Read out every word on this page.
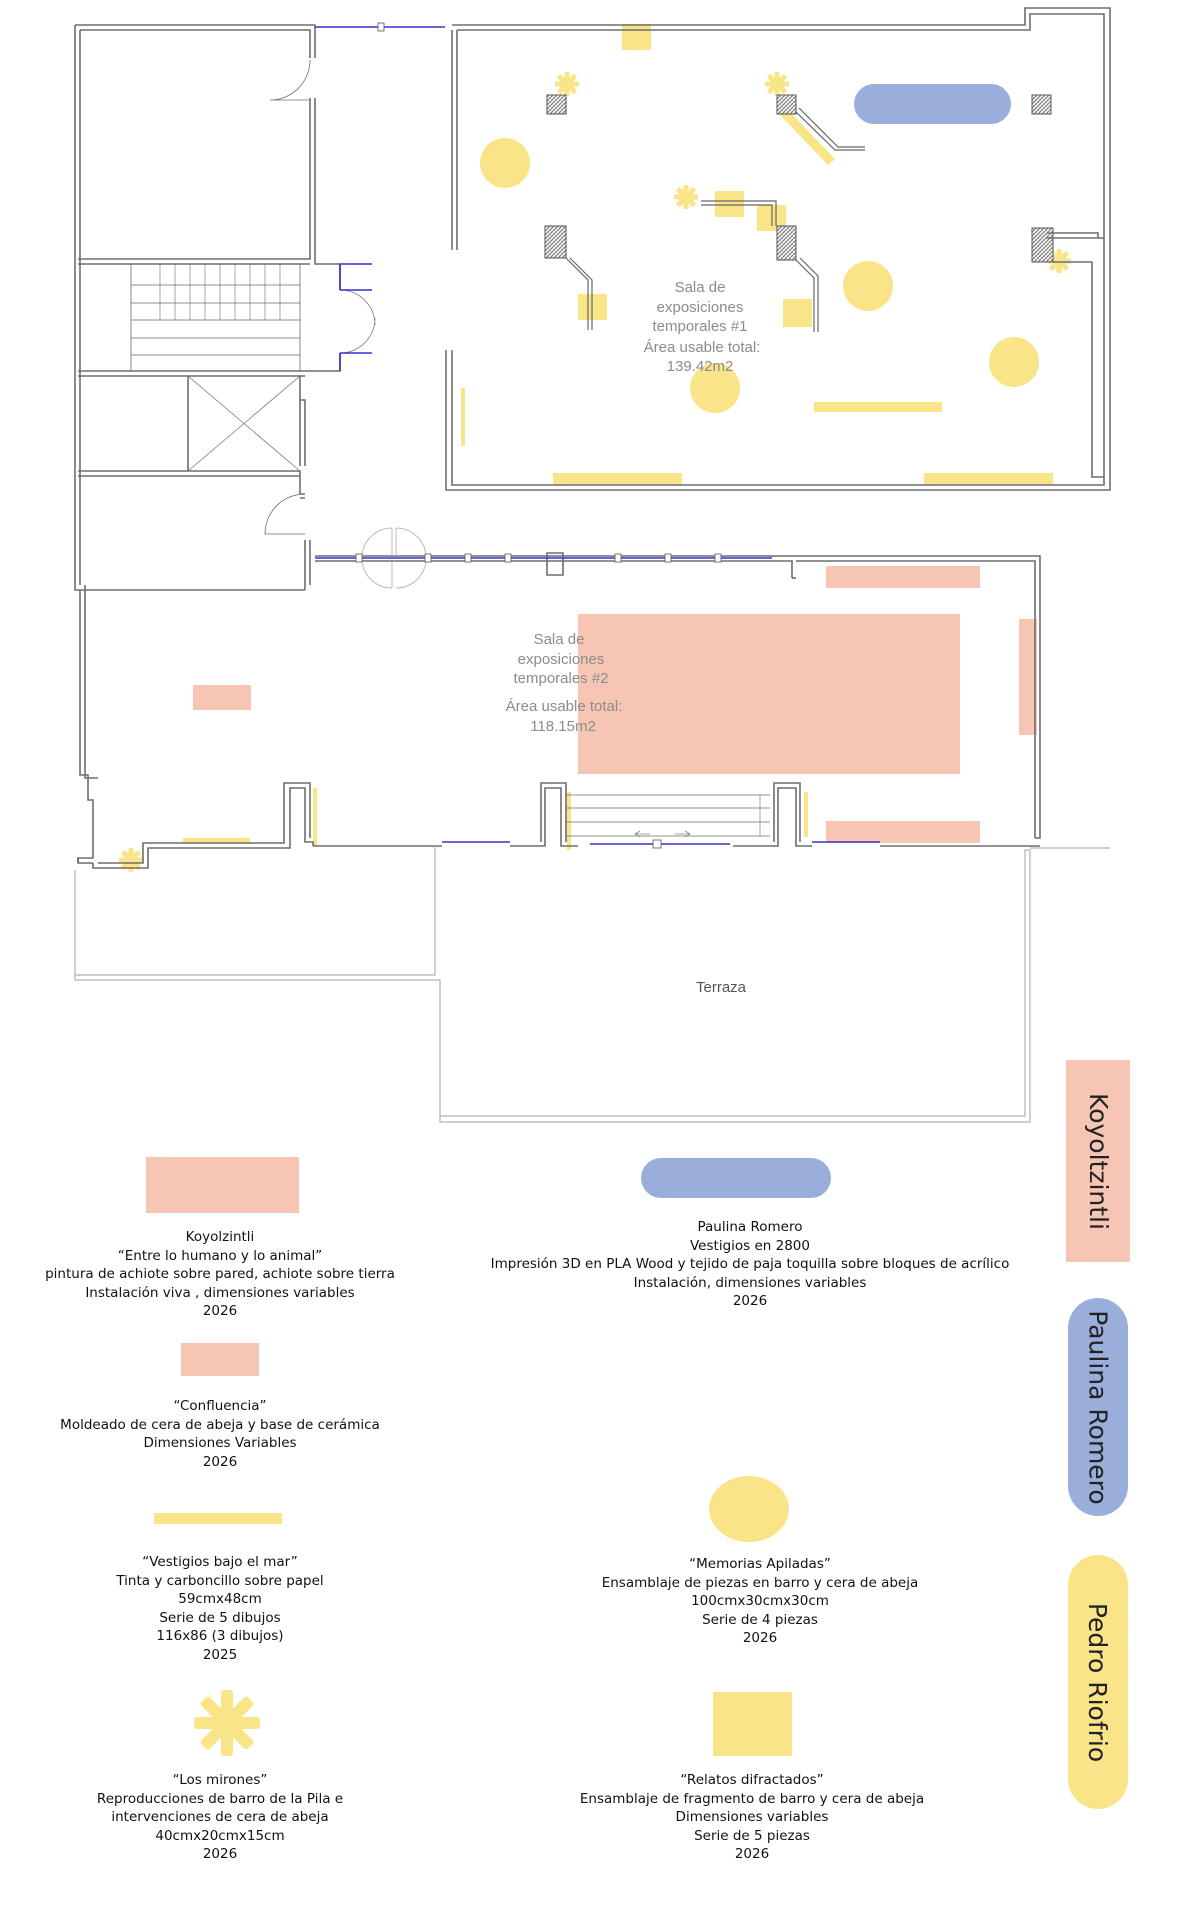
Sala de
exposiciones
temporales #1
Área usable total:
139.42m2
Sala de
exposiciones
temporales #2
Área usable total:
118.15m2
Terraza
Koyolzintli
“Entre lo humano y lo animal”
pintura de achiote sobre pared, achiote sobre tierra
Instalación viva , dimensiones variables
2026
Paulina Romero
Vestigios en 2800
Impresión 3D en PLA Wood y tejido de paja toquilla sobre bloques de acrílico
Instalación, dimensiones variables
2026
“Confluencia”
Moldeado de cera de abeja y base de cerámica
Dimensiones Variables
2026
“Vestigios bajo el mar”
Tinta y carboncillo sobre papel
59cmx48cm
Serie de 5 dibujos
116x86 (3 dibujos)
2025
“Memorias Apiladas”
Ensamblaje de piezas en barro y cera de abeja
100cmx30cmx30cm
Serie de 4 piezas
2026
“Los mirones”
Reproducciones de barro de la Pila e
intervenciones de cera de abeja
40cmx20cmx15cm
2026
“Relatos difractados”
Ensamblaje de fragmento de barro y cera de abeja
Dimensiones variables
Serie de 5 piezas
2026
Koyoltzintli
Paulina Romero
Pedro Riofrio
